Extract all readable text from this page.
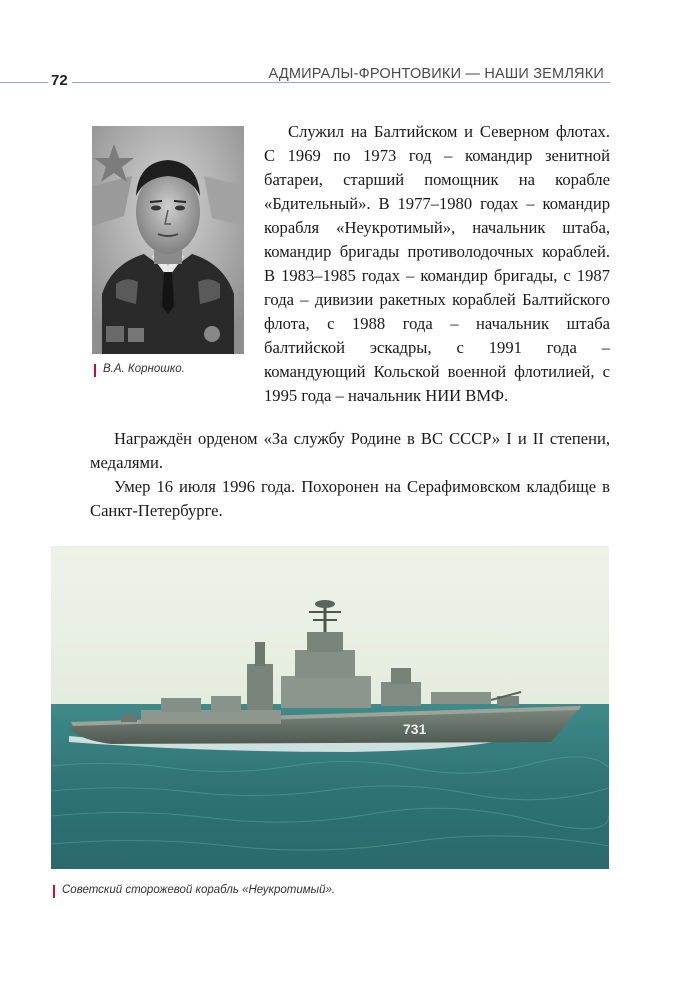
72	АДМИРАЛЫ-ФРОНТОВИКИ — НАШИ ЗЕМЛЯКИ
В.А. Корношко.

Служил на Балтийском и Северном флотах. С 1969 по 1973 год – командир зенитной батареи, старший помощник на корабле «Бдительный». В 1977–1980 годах – командир корабля «Неукротимый», начальник штаба, командир бригады противолодочных кораблей. В 1983–1985 годах – командир бригады, с 1987 года – дивизии ракетных кораблей Балтийского флота, с 1988 года – начальник штаба балтийской эскадры, с 1991 года – командующий Кольской военной флотилией, с 1995 года – начальник НИИ ВМФ.

Награждён орденом «За службу Родине в ВС СССР» I и II степени, медалями.

Умер 16 июля 1996 года. Похоронен на Серафимовском кладбище в Санкт-Петербурге.

731
Советский сторожевой корабль «Неукротимый».
